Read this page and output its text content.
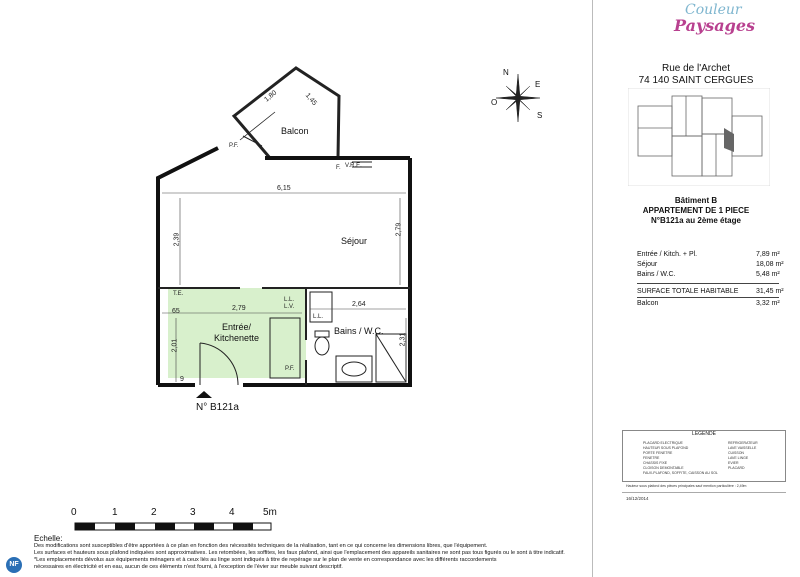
Séjour
Balcon
Entrée/
Kitchenette
Bains / W.C.
N° B121a
6,15
2,39
2,79
2,79
2,64
2,01	2,31
65
1,80	1,45
9
V.R.E.
P.F.
F.
T.E.
L.L.
L.V.
L.L.
P.F.
N
E
S
O
0	1	2	3	4	5m
Echelle:
Des modifications sont susceptibles d'être apportées à ce plan en fonction des nécessités techniques de la réalisation, tant en ce qui concerne les dimensions libres, que l'équipement.
Les surfaces et hauteurs sous plafond indiquées sont approximatives. Les retombées, les soffites, les faux plafond, ainsi que l'emplacement des appareils sanitaires ne sont pas tous figurés ou le sont à titre indicatif.
*Les emplacements dévolus aux équipements ménagers et à ceux liés au linge sont indiqués à titre de repérage sur le plan de vente en correspondance avec les différents raccordements
nécessaires en électricité et en eau, aucun de ces éléments n'est fourni, à l'exception de l'évier sur meuble suivant descriptif.
NF
Couleur
Paysages
Rue de l'Archet
74 140 SAINT CERGUES
Bâtiment B
APPARTEMENT DE 1 PIECE
N°B121a au 2ème étage
Entrée / Kitch. + Pl.	7,89 m²
Séjour	18,08 m²
Bains / W.C.	5,48 m²
SURFACE TOTALE HABITABLE	31,45 m²
Balcon	3,32 m²
LEGENDE
PLACARD ELECTRIQUE
HAUTEUR SOUS PLAFOND
PORTE FENETRE
FENETRE
CHASSIS FIXE
CLOISON DEMONTABLE
FAUX-PLAFOND, SOFFITE, CAISSON AU SOL
REFRIGERATEUR
LAVE VAISSELLE
CUISSON
LAVE LINGE
EVIER
PLACARD
Hauteur sous plafond des pièces principales sauf mention particulière : 2,49m
16/12/2014
